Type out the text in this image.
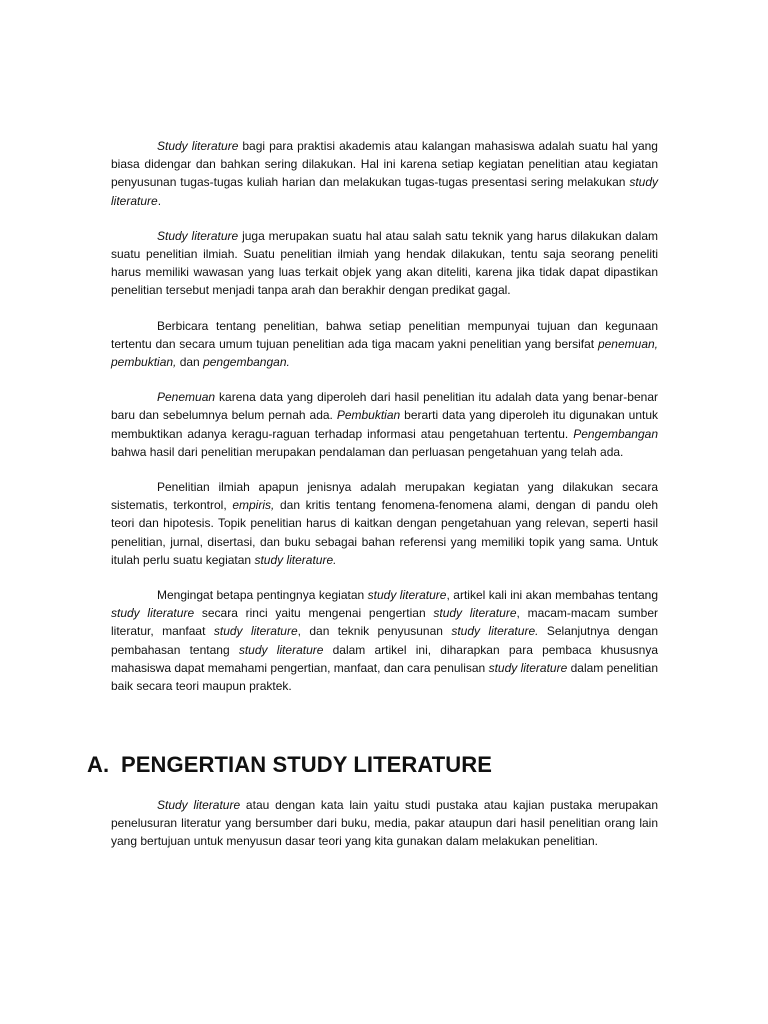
Study literature bagi para praktisi akademis atau kalangan mahasiswa adalah suatu hal yang biasa didengar dan bahkan sering dilakukan. Hal ini karena setiap kegiatan penelitian atau kegiatan penyusunan tugas-tugas kuliah harian dan melakukan tugas-tugas presentasi sering melakukan study literature.

Study literature juga merupakan suatu hal atau salah satu teknik yang harus dilakukan dalam suatu penelitian ilmiah. Suatu penelitian ilmiah yang hendak dilakukan, tentu saja seorang peneliti harus memiliki wawasan yang luas terkait objek yang akan diteliti, karena jika tidak dapat dipastikan penelitian tersebut menjadi tanpa arah dan berakhir dengan predikat gagal.

Berbicara tentang penelitian, bahwa setiap penelitian mempunyai tujuan dan kegunaan tertentu dan secara umum tujuan penelitian ada tiga macam yakni penelitian yang bersifat penemuan, pembuktian, dan pengembangan.

Penemuan karena data yang diperoleh dari hasil penelitian itu adalah data yang benar-benar baru dan sebelumnya belum pernah ada. Pembuktian berarti data yang diperoleh itu digunakan untuk membuktikan adanya keragu-raguan terhadap informasi atau pengetahuan tertentu. Pengembangan bahwa hasil dari penelitian merupakan pendalaman dan perluasan pengetahuan yang telah ada.

Penelitian ilmiah apapun jenisnya adalah merupakan kegiatan yang dilakukan secara sistematis, terkontrol, empiris, dan kritis tentang fenomena-fenomena alami, dengan di pandu oleh teori dan hipotesis. Topik penelitian harus di kaitkan dengan pengetahuan yang relevan, seperti hasil penelitian, jurnal, disertasi, dan buku sebagai bahan referensi yang memiliki topik yang sama. Untuk itulah perlu suatu kegiatan study literature.

Mengingat betapa pentingnya kegiatan study literature, artikel kali ini akan membahas tentang study literature secara rinci yaitu mengenai pengertian study literature, macam-macam sumber literatur, manfaat study literature, dan teknik penyusunan study literature. Selanjutnya dengan pembahasan tentang study literature dalam artikel ini, diharapkan para pembaca khususnya mahasiswa dapat memahami pengertian, manfaat, dan cara penulisan study literature dalam penelitian baik secara teori maupun praktek.

A. PENGERTIAN STUDY LITERATURE

Study literature atau dengan kata lain yaitu studi pustaka atau kajian pustaka merupakan penelusuran literatur yang bersumber dari buku, media, pakar ataupun dari hasil penelitian orang lain yang bertujuan untuk menyusun dasar teori yang kita gunakan dalam melakukan penelitian.
